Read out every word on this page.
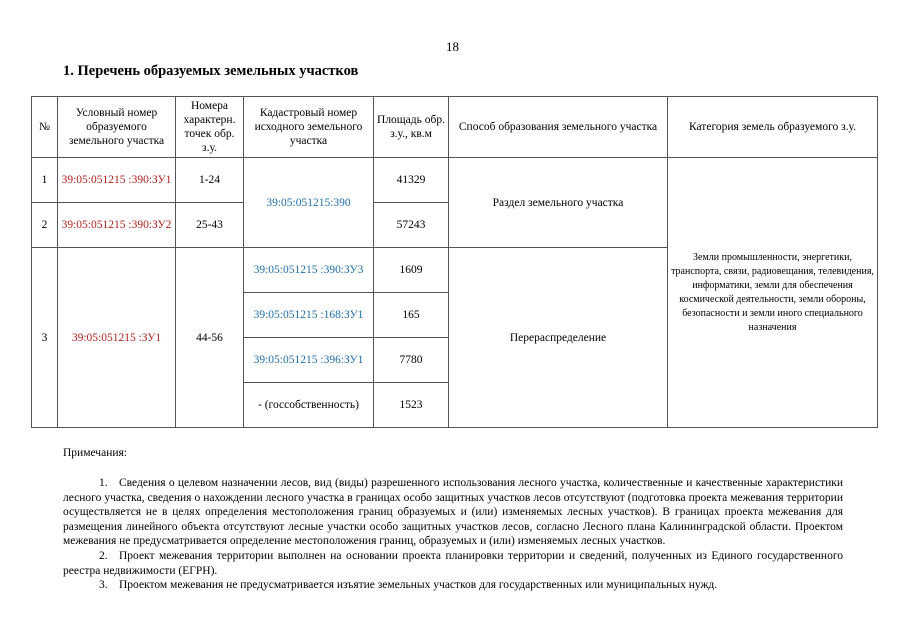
18
1. Перечень образуемых земельных участков
№	Условный номер образуемого земельного участка	Номера характерн. точек обр. з.у.	Кадастровый номер исходного земельного участка	Площадь обр. з.у., кв.м	Способ образования земельного участка	Категория земель образуемого з.у.
1	39:05:051215 :390:ЗУ1	1-24	39:05:051215:390	41329	Раздел земельного участка	Земли промышленности, энергетики, транспорта, связи, радиовещания, телевидения, информатики, земли для обеспечения космической деятельности, земли обороны, безопасности и земли иного специального назначения
2	39:05:051215 :390:ЗУ2	25-43		57243		
3	39:05:051215 :ЗУ1	44-56	39:05:051215 :390:ЗУ3	1609	Перераспределение	
			39:05:051215 :168:ЗУ1	165		
			39:05:051215 :396:ЗУ1	7780		
			- (госсобственность)	1523		
Примечания:

1. Сведения о целевом назначении лесов, вид (виды) разрешенного использования лесного участка, количественные и качественные характеристики лесного участка, сведения о нахождении лесного участка в границах особо защитных участков лесов отсутствуют (подготовка проекта межевания территории осуществляется не в целях определения местоположения границ образуемых и (или) изменяемых лесных участков). В границах проекта межевания для размещения линейного объекта отсутствуют лесные участки особо защитных участков лесов, согласно Лесного плана Калининградской области. Проектом межевания не предусматривается определение местоположения границ, образуемых и (или) изменяемых лесных участков.

2. Проект межевания территории выполнен на основании проекта планировки территории и сведений, полученных из Единого государственного реестра недвижимости (ЕГРН).

3. Проектом межевания не предусматривается изъятие земельных участков для государственных или муниципальных нужд.
